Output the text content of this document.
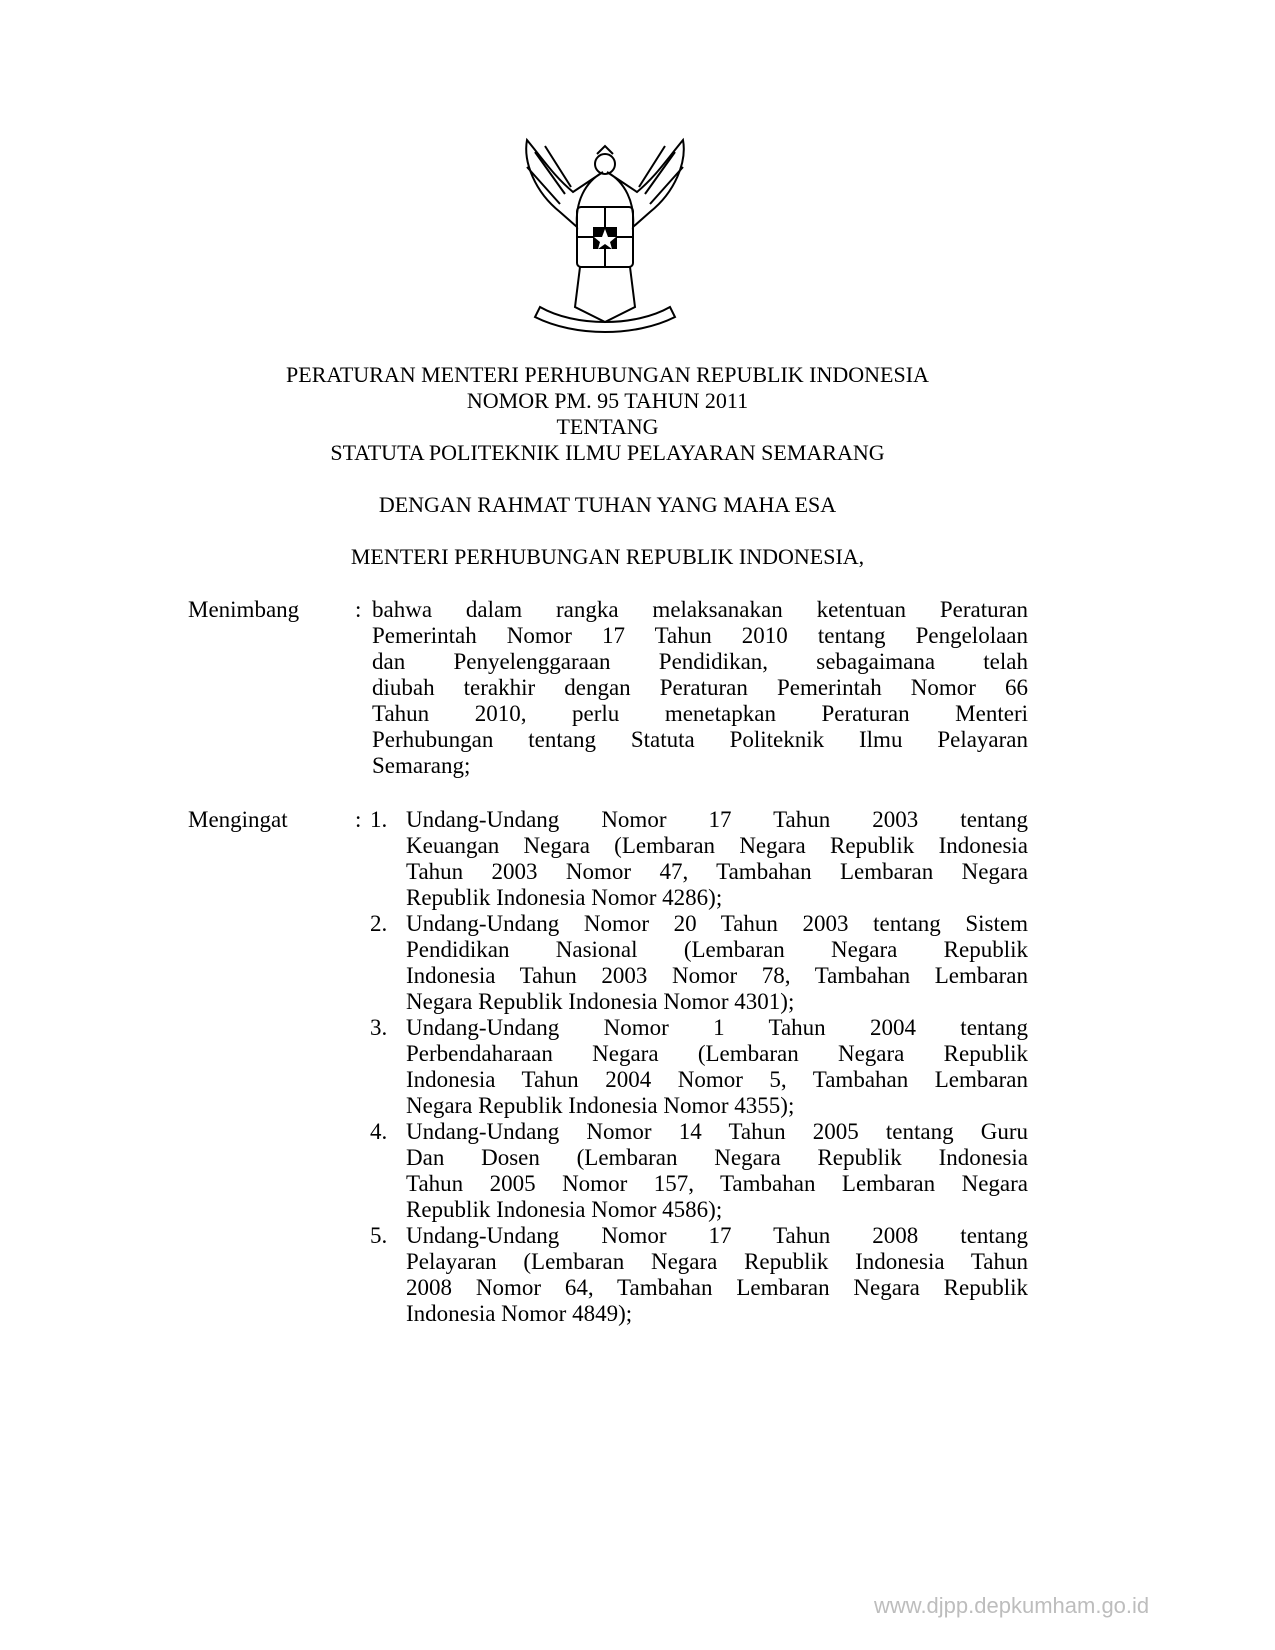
PERATURAN MENTERI PERHUBUNGAN REPUBLIK INDONESIA
NOMOR PM. 95 TAHUN 2011
TENTANG
STATUTA POLITEKNIK ILMU PELAYARAN SEMARANG
DENGAN RAHMAT TUHAN YANG MAHA ESA
MENTERI PERHUBUNGAN REPUBLIK INDONESIA,
Menimbang : bahwa dalam rangka melaksanakan ketentuan Peraturan
Pemerintah Nomor 17 Tahun 2010 tentang Pengelolaan
dan Penyelenggaraan Pendidikan, sebagaimana telah
diubah terakhir dengan Peraturan Pemerintah Nomor 66
Tahun 2010, perlu menetapkan Peraturan Menteri
Perhubungan tentang Statuta Politeknik Ilmu Pelayaran
Semarang;
Mengingat	: 1. Undang-Undang Nomor 17 Tahun 2003 tentang
Keuangan Negara (Lembaran Negara Republik Indonesia
Tahun 2003 Nomor 47, Tambahan Lembaran Negara
Republik Indonesia Nomor 4286);
2. Undang-Undang Nomor 20 Tahun 2003 tentang Sistem
Pendidikan Nasional (Lembaran Negara Republik
Indonesia Tahun 2003 Nomor 78, Tambahan Lembaran
Negara Republik Indonesia Nomor 4301);
3. Undang-Undang Nomor 1 Tahun 2004 tentang
Perbendaharaan Negara (Lembaran Negara Republik
Indonesia Tahun 2004 Nomor 5, Tambahan Lembaran
Negara Republik Indonesia Nomor 4355);
4. Undang-Undang Nomor 14 Tahun 2005 tentang Guru
Dan Dosen (Lembaran Negara Republik Indonesia
Tahun 2005 Nomor 157, Tambahan Lembaran Negara
Republik Indonesia Nomor 4586);
5. Undang-Undang Nomor 17 Tahun 2008 tentang
Pelayaran (Lembaran Negara Republik Indonesia Tahun
2008 Nomor 64, Tambahan Lembaran Negara Republik
Indonesia Nomor 4849);
www.djpp.depkumham.go.id
